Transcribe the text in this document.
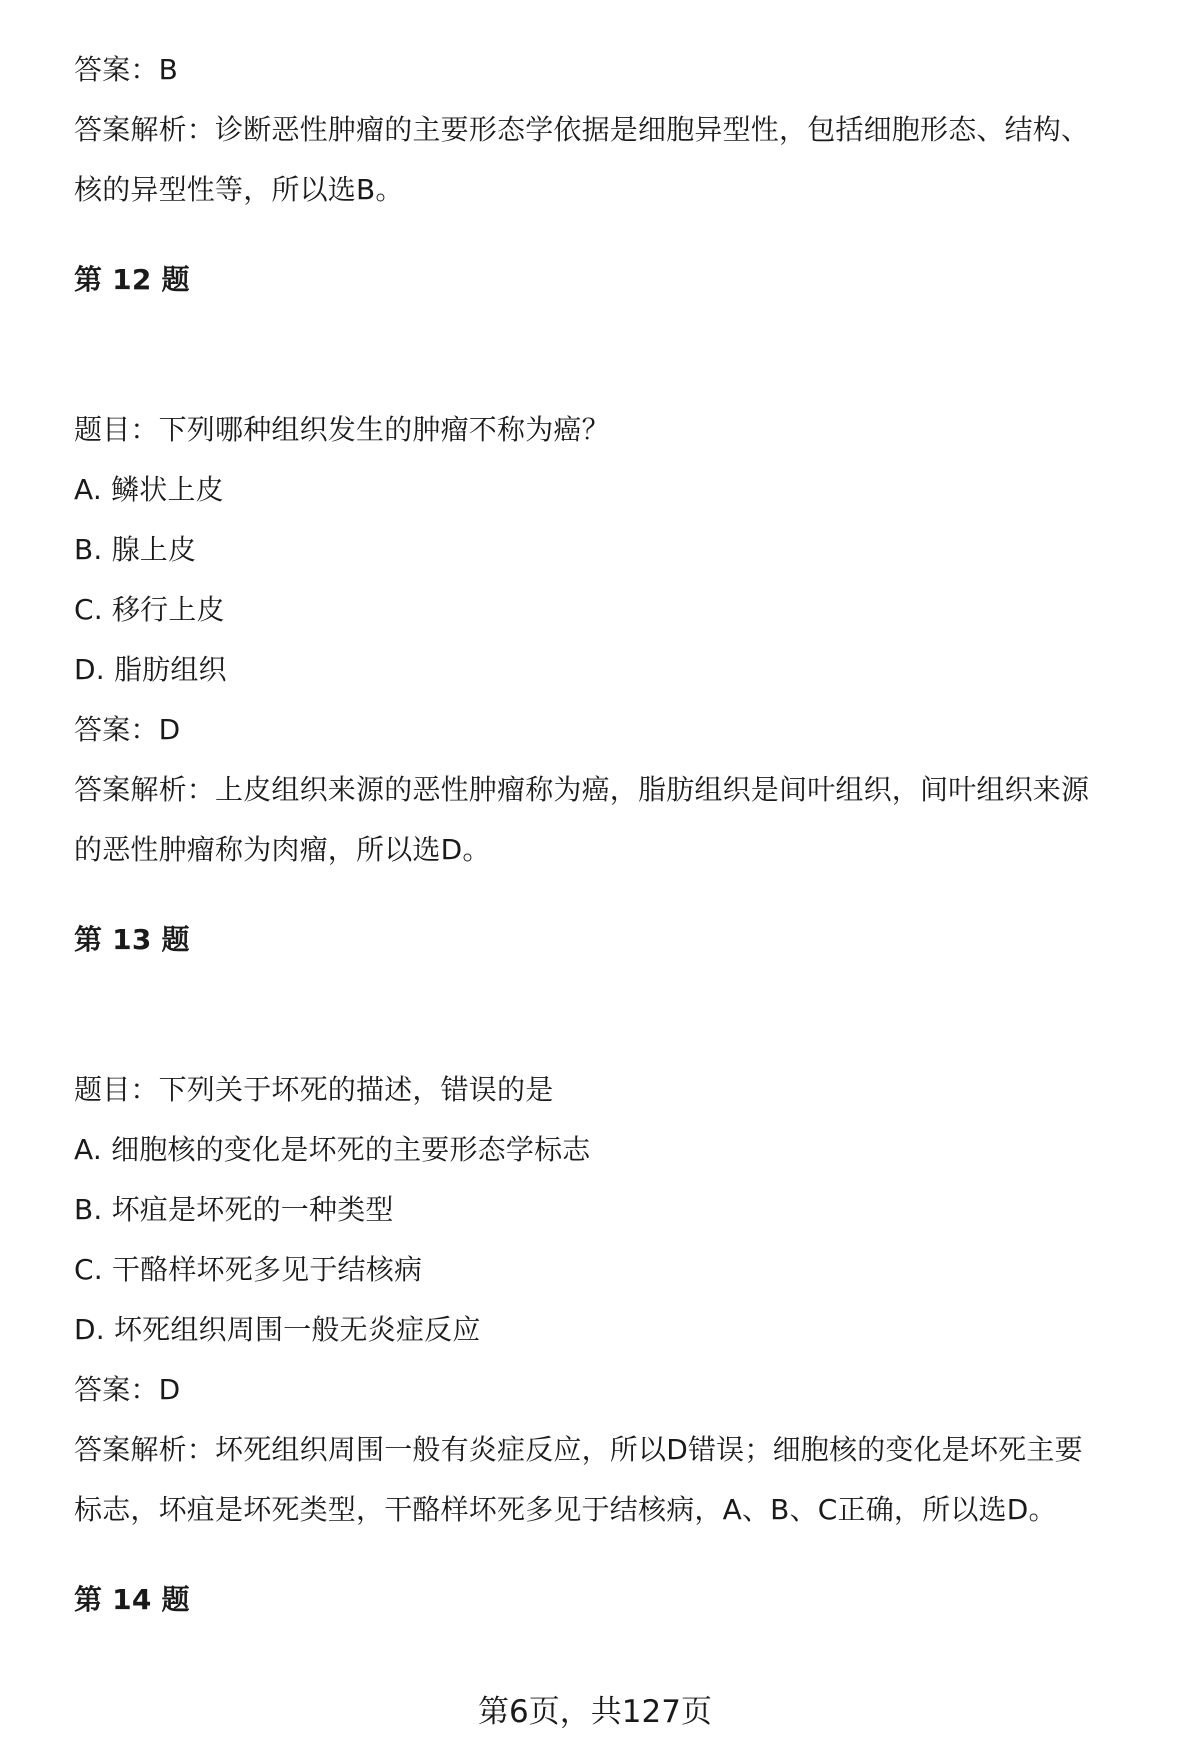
答案：B
答案解析：诊断恶性肿瘤的主要形态学依据是细胞异型性，包括细胞形态、结构、
核的异型性等，所以选B。
第 12 题
题目：下列哪种组织发生的肿瘤不称为癌？
A. 鳞状上皮
B. 腺上皮
C. 移行上皮
D. 脂肪组织
答案：D
答案解析：上皮组织来源的恶性肿瘤称为癌，脂肪组织是间叶组织，间叶组织来源
的恶性肿瘤称为肉瘤，所以选D。
第 13 题
题目：下列关于坏死的描述，错误的是
A. 细胞核的变化是坏死的主要形态学标志
B. 坏疽是坏死的一种类型
C. 干酪样坏死多见于结核病
D. 坏死组织周围一般无炎症反应
答案：D
答案解析：坏死组织周围一般有炎症反应，所以D错误；细胞核的变化是坏死主要
标志，坏疽是坏死类型，干酪样坏死多见于结核病，A、B、C正确，所以选D。
第 14 题
第6页，共127页
